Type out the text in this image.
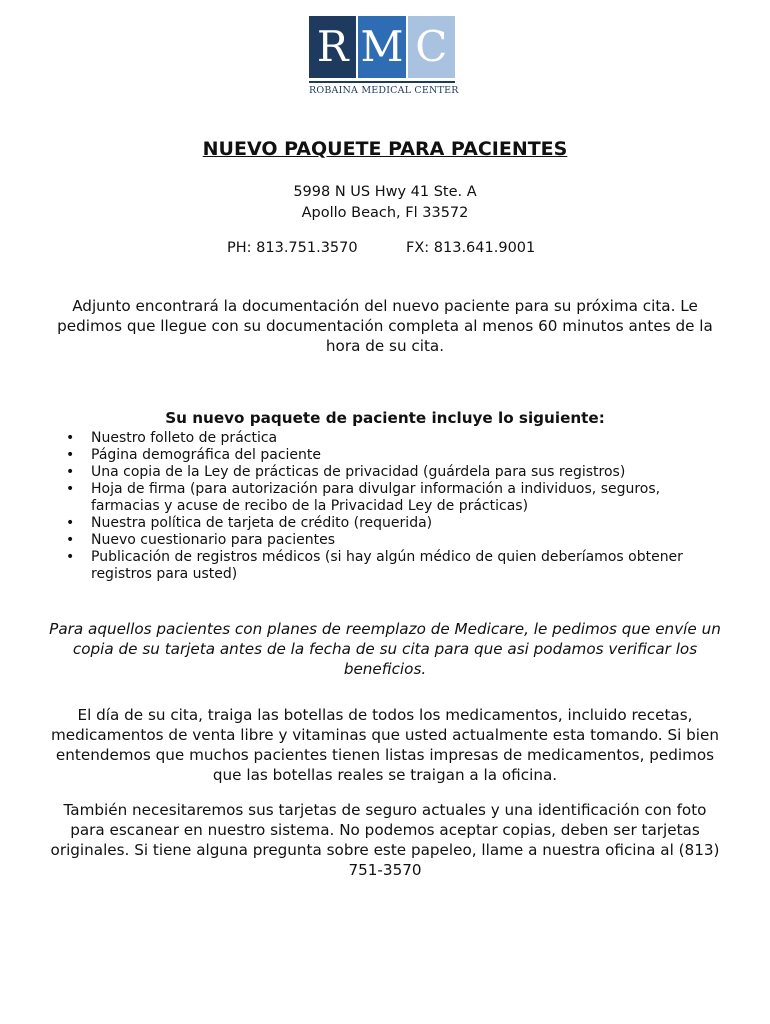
R M C
ROBAINA MEDICAL CENTER
NUEVO PAQUETE PARA PACIENTES
5998 N US Hwy 41 Ste. A
Apollo Beach, Fl 33572
PH: 813.751.3570	FX: 813.641.9001

Adjunto encontrará la documentación del nuevo paciente para su próxima cita. Le pedimos que llegue con su documentación completa al menos 60 minutos antes de la hora de su cita.

Su nuevo paquete de paciente incluye lo siguiente:

• Nuestro folleto de práctica
• Página demográfica del paciente
• Una copia de la Ley de prácticas de privacidad (guárdela para sus registros)
• Hoja de firma (para autorización para divulgar información a individuos, seguros, farmacias y acuse de recibo de la Privacidad Ley de prácticas)
• Nuestra política de tarjeta de crédito (requerida)
• Nuevo cuestionario para pacientes
• Publicación de registros médicos (si hay algún médico de quien deberíamos obtener registros para usted)

Para aquellos pacientes con planes de reemplazo de Medicare, le pedimos que envíe un copia de su tarjeta antes de la fecha de su cita para que asi podamos verificar los beneficios.

El día de su cita, traiga las botellas de todos los medicamentos, incluido recetas, medicamentos de venta libre y vitaminas que usted actualmente esta tomando. Si bien entendemos que muchos pacientes tienen listas impresas de medicamentos, pedimos que las botellas reales se traigan a la oficina.

También necesitaremos sus tarjetas de seguro actuales y una identificación con foto para escanear en nuestro sistema. No podemos aceptar copias, deben ser tarjetas originales. Si tiene alguna pregunta sobre este papeleo, llame a nuestra oficina al (813) 751-3570
